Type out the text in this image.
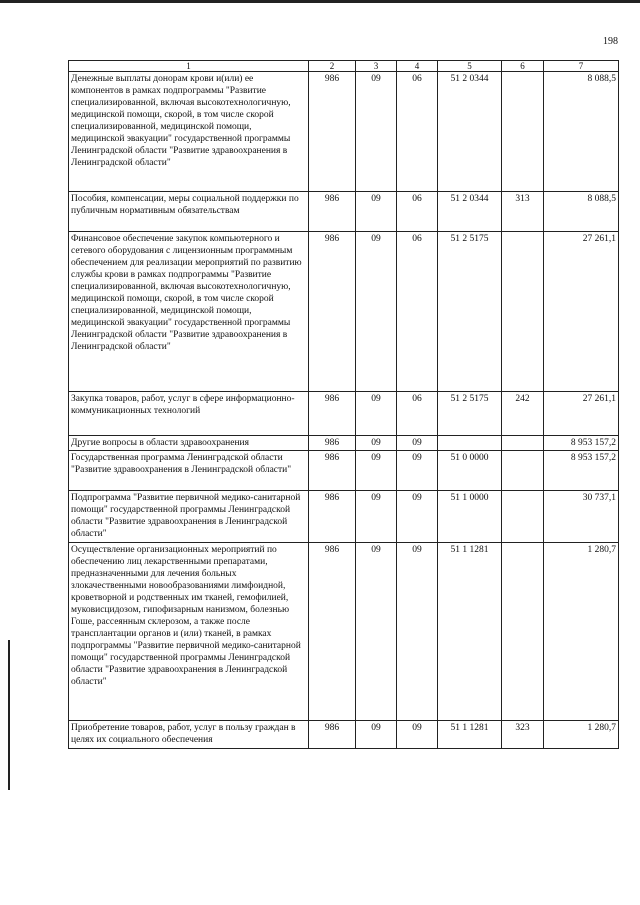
198
1	2	3	4	5	6	7
Денежные выплаты донорам крови и(или) ее компонентов в рамках подпрограммы "Развитие специализированной, включая высокотехнологичную, медицинской помощи, скорой, в том числе скорой специализированной, медицинской помощи, медицинской эвакуации" государственной программы Ленинградской области "Развитие здравоохранения в Ленинградской области"	986	09	06	51 2 0344		8 088,5
Пособия, компенсации, меры социальной поддержки по публичным нормативным обязательствам	986	09	06	51 2 0344	313	8 088,5
Финансовое обеспечение закупок компьютерного и сетевого оборудования с лицензионным программным обеспечением для реализации мероприятий по развитию службы крови в рамках подпрограммы "Развитие специализированной, включая высокотехнологичную, медицинской помощи, скорой, в том числе скорой специализированной, медицинской помощи, медицинской эвакуации" государственной программы Ленинградской области "Развитие здравоохранения в Ленинградской области"	986	09	06	51 2 5175		27 261,1
Закупка товаров, работ, услуг в сфере информационно-коммуникационных технологий	986	09	06	51 2 5175	242	27 261,1
Другие вопросы в области здравоохранения	986	09	09			8 953 157,2
Государственная программа Ленинградской области "Развитие здравоохранения в Ленинградской области"	986	09	09	51 0 0000		8 953 157,2
Подпрограмма "Развитие первичной медико-санитарной помощи" государственной программы Ленинградской области "Развитие здравоохранения в Ленинградской области"	986	09	09	51 1 0000		30 737,1
Осуществление организационных мероприятий по обеспечению лиц лекарственными препаратами, предназначенными для лечения больных злокачественными новообразованиями лимфоидной, кроветворной и родственных им тканей, гемофилией, муковисцидозом, гипофизарным нанизмом, болезнью Гоше, рассеянным склерозом, а также после трансплантации органов и (или) тканей, в рамках подпрограммы "Развитие первичной медико-санитарной помощи" государственной программы Ленинградской области "Развитие здравоохранения в Ленинградской области"	986	09	09	51 1 1281		1 280,7
Приобретение товаров, работ, услуг в пользу граждан в целях их социального обеспечения	986	09	09	51 1 1281	323	1 280,7
